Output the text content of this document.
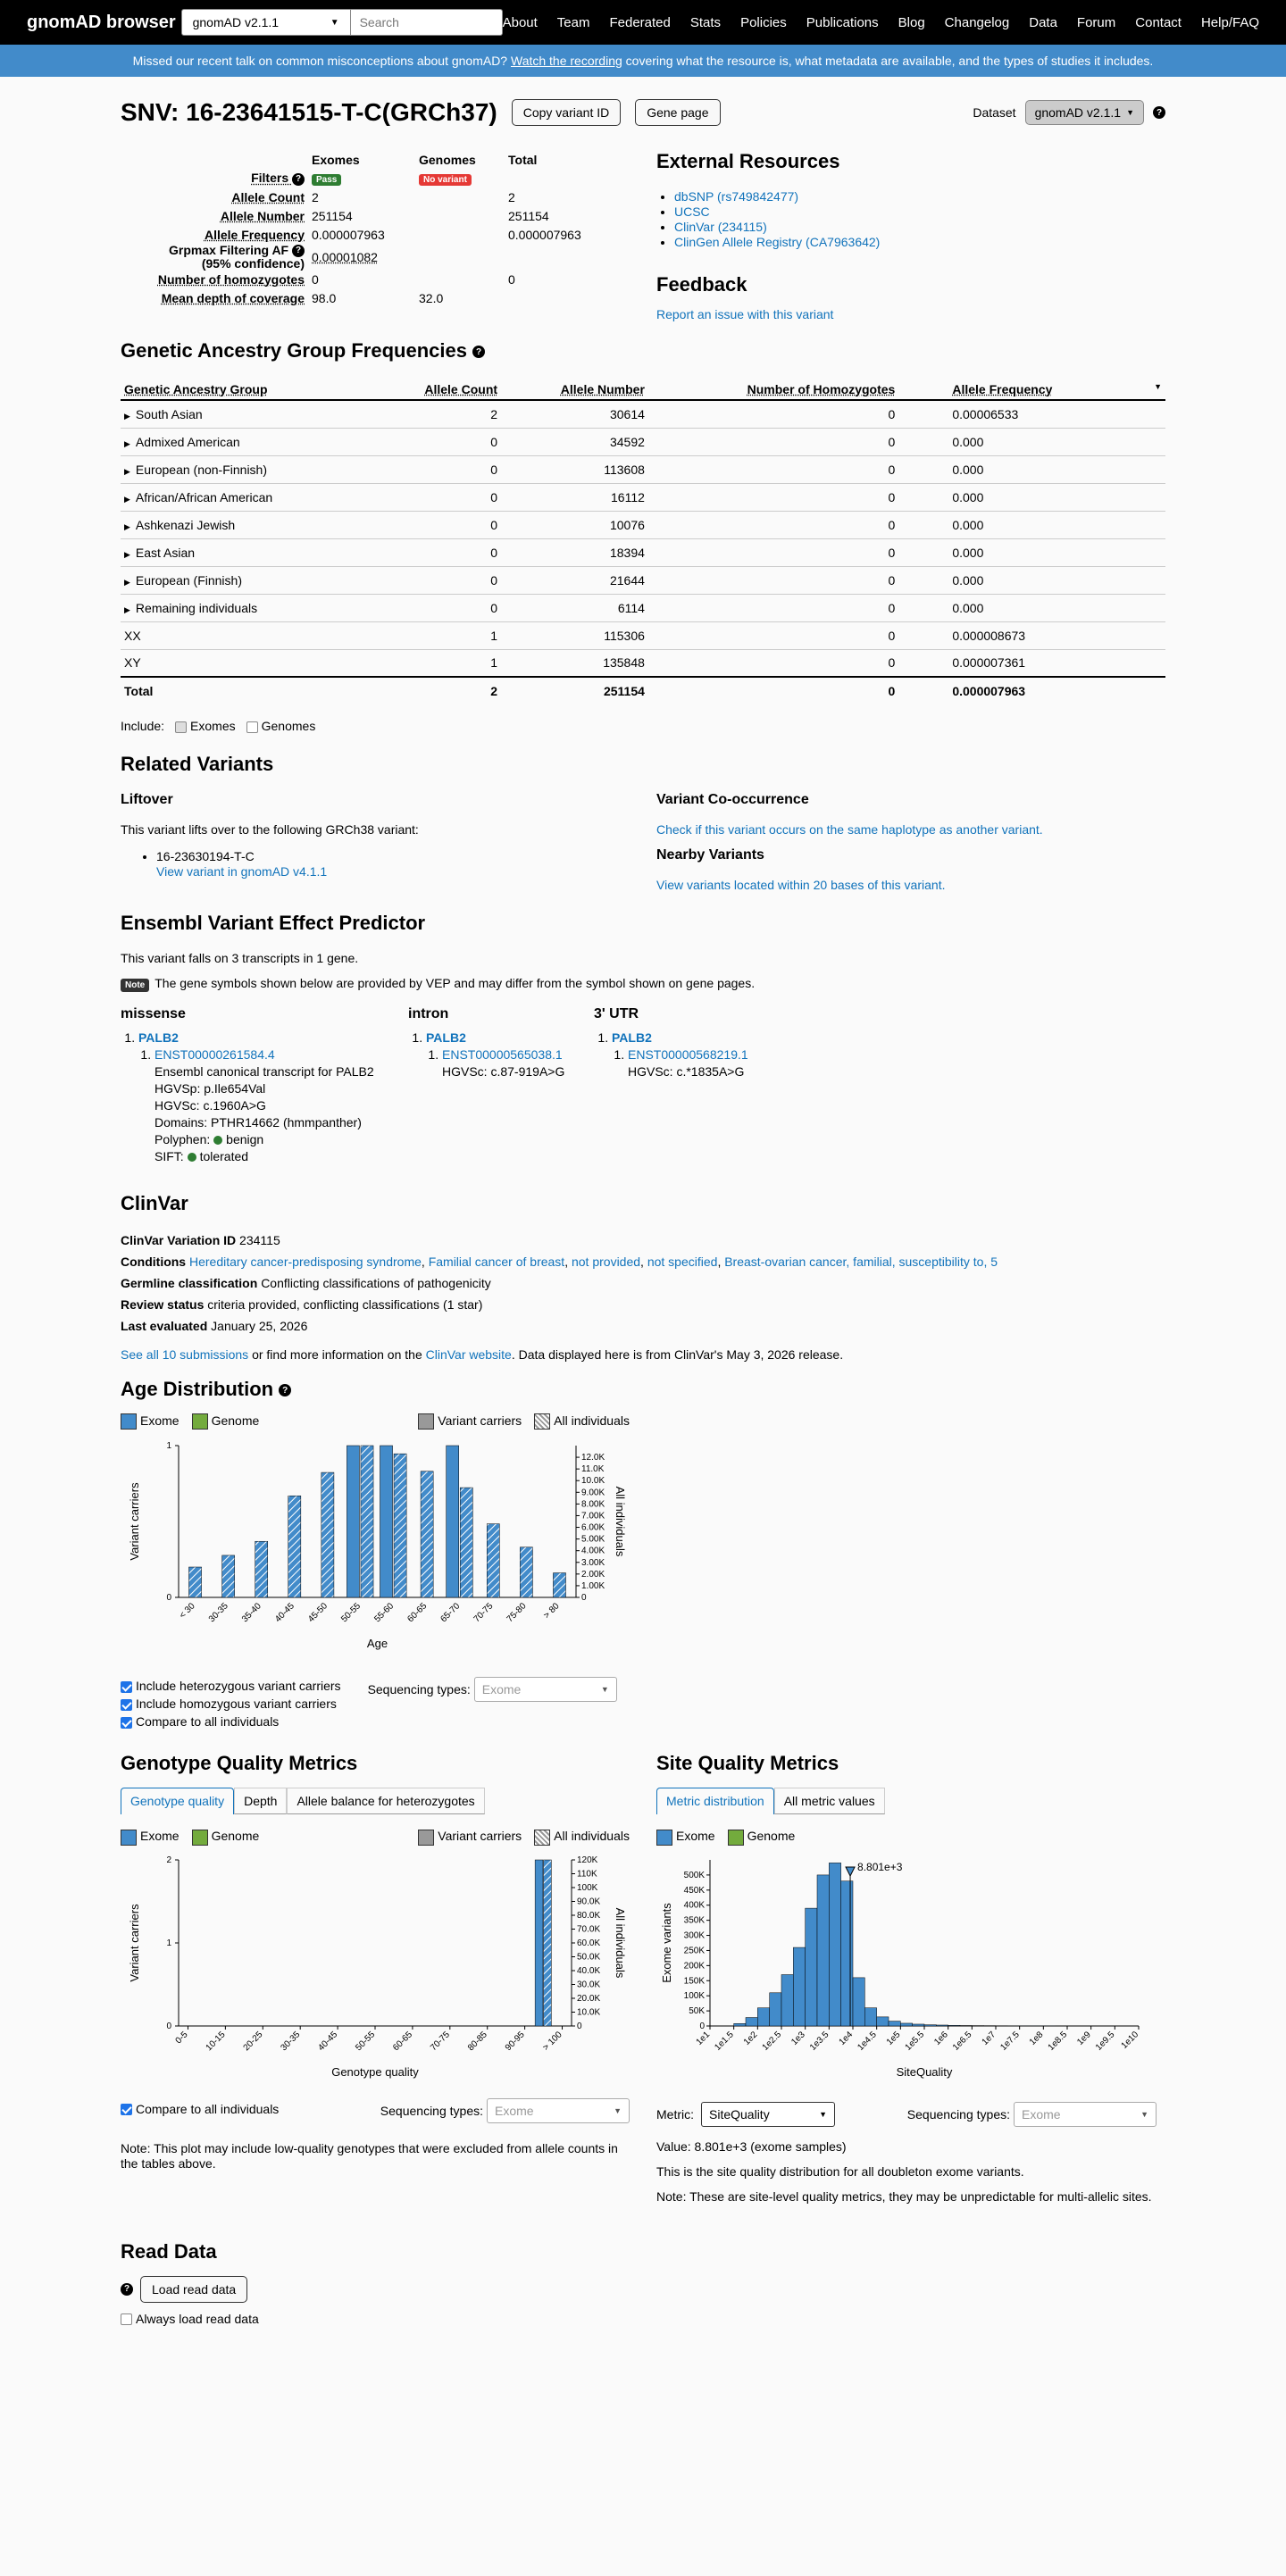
gnomAD browser	gnomAD v2.1.1	▼	Search	About Team Federated Stats Policies Publications Blog Changelog Data Forum Contact Help/FAQ
Missed our recent talk on common misconceptions about gnomAD?
Watch the recording
covering what the resource is, what metadata are available, and the types of studies it includes.
SNV: 16-23641515-T-C(GRCh37)	Copy variant ID	Gene page	Dataset gnomAD v2.1.1 ▼	?
	Exomes	Genomes	Total
Filters ?	Pass	No variant	
Allele Count	2		2
Allele Number	251154		251154
Allele Frequency	0.000007963		0.000007963
Grpmax Filtering AF ?
(95% confidence)	0.00001082		
Number of homozygotes	0		0
Mean depth of coverage	98.0	32.0	
External Resources
• dbSNP (rs749842477)
• UCSC
• ClinVar (234115)
• ClinGen Allele Registry (CA7963642)
Feedback
Report an issue with this variant
Genetic Ancestry Group Frequencies ?
Genetic Ancestry Group	Allele Count	Allele Number	Number of Homozygotes	Allele Frequency ▼

▶ South Asian	2	30614	0	0.00006533
▶ Admixed American	0	34592	0	0.000
▶ European (non-Finnish)	0	113608	0	0.000
▶ African/African American	0	16112	0	0.000
▶ Ashkenazi Jewish	0	10076	0	0.000
▶ East Asian	0	18394	0	0.000
▶ European (Finnish)	0	21644	0	0.000
▶ Remaining individuals	0	6114	0	0.000
XX	1	115306	0	0.000008673
XY	1	135848	0	0.000007361
Total	2	251154	0	0.000007963
Include:	Exomes	Genomes
Related Variants
Liftover

This variant lifts over to the following GRCh38 variant:

• 16-23630194-T-C
View variant in gnomAD v4.1.1
Variant Co-occurrence
Check if this variant occurs on the same haplotype as another variant.
Nearby Variants
View variants located within 20 bases of this variant.
Ensembl Variant Effect Predictor

This variant falls on 3 transcripts in 1 gene.

Note The gene symbols shown below are provided by VEP and may differ from the symbol shown on gene pages.

missense
1. PALB2
1. ENST00000261584.4
Ensembl canonical transcript for PALB2
HGVSp: p.Ile654Val
HGVSc: c.1960A>G
Domains: PTHR14662 (hmmpanther)
Polyphen: benign
SIFT: tolerated
intron
1. PALB2
1. ENST00000565038.1
HGVSc: c.87-919A>G
3' UTR
1. PALB2
1. ENST00000568219.1
HGVSc: c.*1835A>G
ClinVar

ClinVar Variation ID 234115

Conditions Hereditary cancer-predisposing syndrome, Familial cancer of breast, not provided, not specified, Breast-ovarian cancer, familial, susceptibility to, 5

Germline classification Conflicting classifications of pathogenicity

Review status criteria provided, conflicting classifications (1 star)

Last evaluated January 25, 2026

See all 10 submissions or find more information on the ClinVar website. Data displayed here is from ClinVar's May 3, 2026 release.

Age Distribution ?
Exome	Genome	Variant carriers	All individuals
0
1
0
1.00K
2.00K
3.00K
4.00K
5.00K
6.00K
7.00K
8.00K
9.00K
10.0K
11.0K
12.0K
< 30 30-35 35-40 40-45 45-50 50-55 55-60 60-65 65-70 70-75 75-80 > 80
Age
Variant carriers	All individuals
Include heterozygous variant carriers
Include homozygous variant carriers
Compare to all individuals
Sequencing types: Exome	▼
Genotype Quality Metrics
Genotype quality	Depth	Allele balance for heterozygotes
Exome	Genome	Variant carriers	All individuals
0
1
2
0
10.0K
20.0K
30.0K
40.0K
50.0K
60.0K
70.0K
80.0K
90.0K
100K
110K
120K
0-5 10-15 20-25 30-35 40-45 50-55 60-65 70-75 80-85 90-95 > 100
Genotype quality
Variant carriers	All individuals
Compare to all individuals	Sequencing types: Exome	▼

Note: This plot may include low-quality genotypes that were excluded from allele counts in the tables above.

Site Quality Metrics
Metric distribution	All metric values
Exome	Genome
0
50K
100K
150K
200K
250K
300K
350K
400K
450K
500K
1e1 1e1.5 1e2 1e2.5 1e3 1e3.5 1e4 1e4.5 1e5 1e5.5 1e6 1e6.5 1e7 1e7.5 1e8 1e8.5 1e9 1e9.5 1e10
8.801e+3
SiteQuality
Exome variants
Metric: SiteQuality	▼	Sequencing types: Exome	▼

Value: 8.801e+3 (exome samples)

This is the site quality distribution for all doubleton exome variants.

Note: These are site-level quality metrics, they may be unpredictable for multi-allelic sites.

Read Data
?	Load read data
Always load read data
